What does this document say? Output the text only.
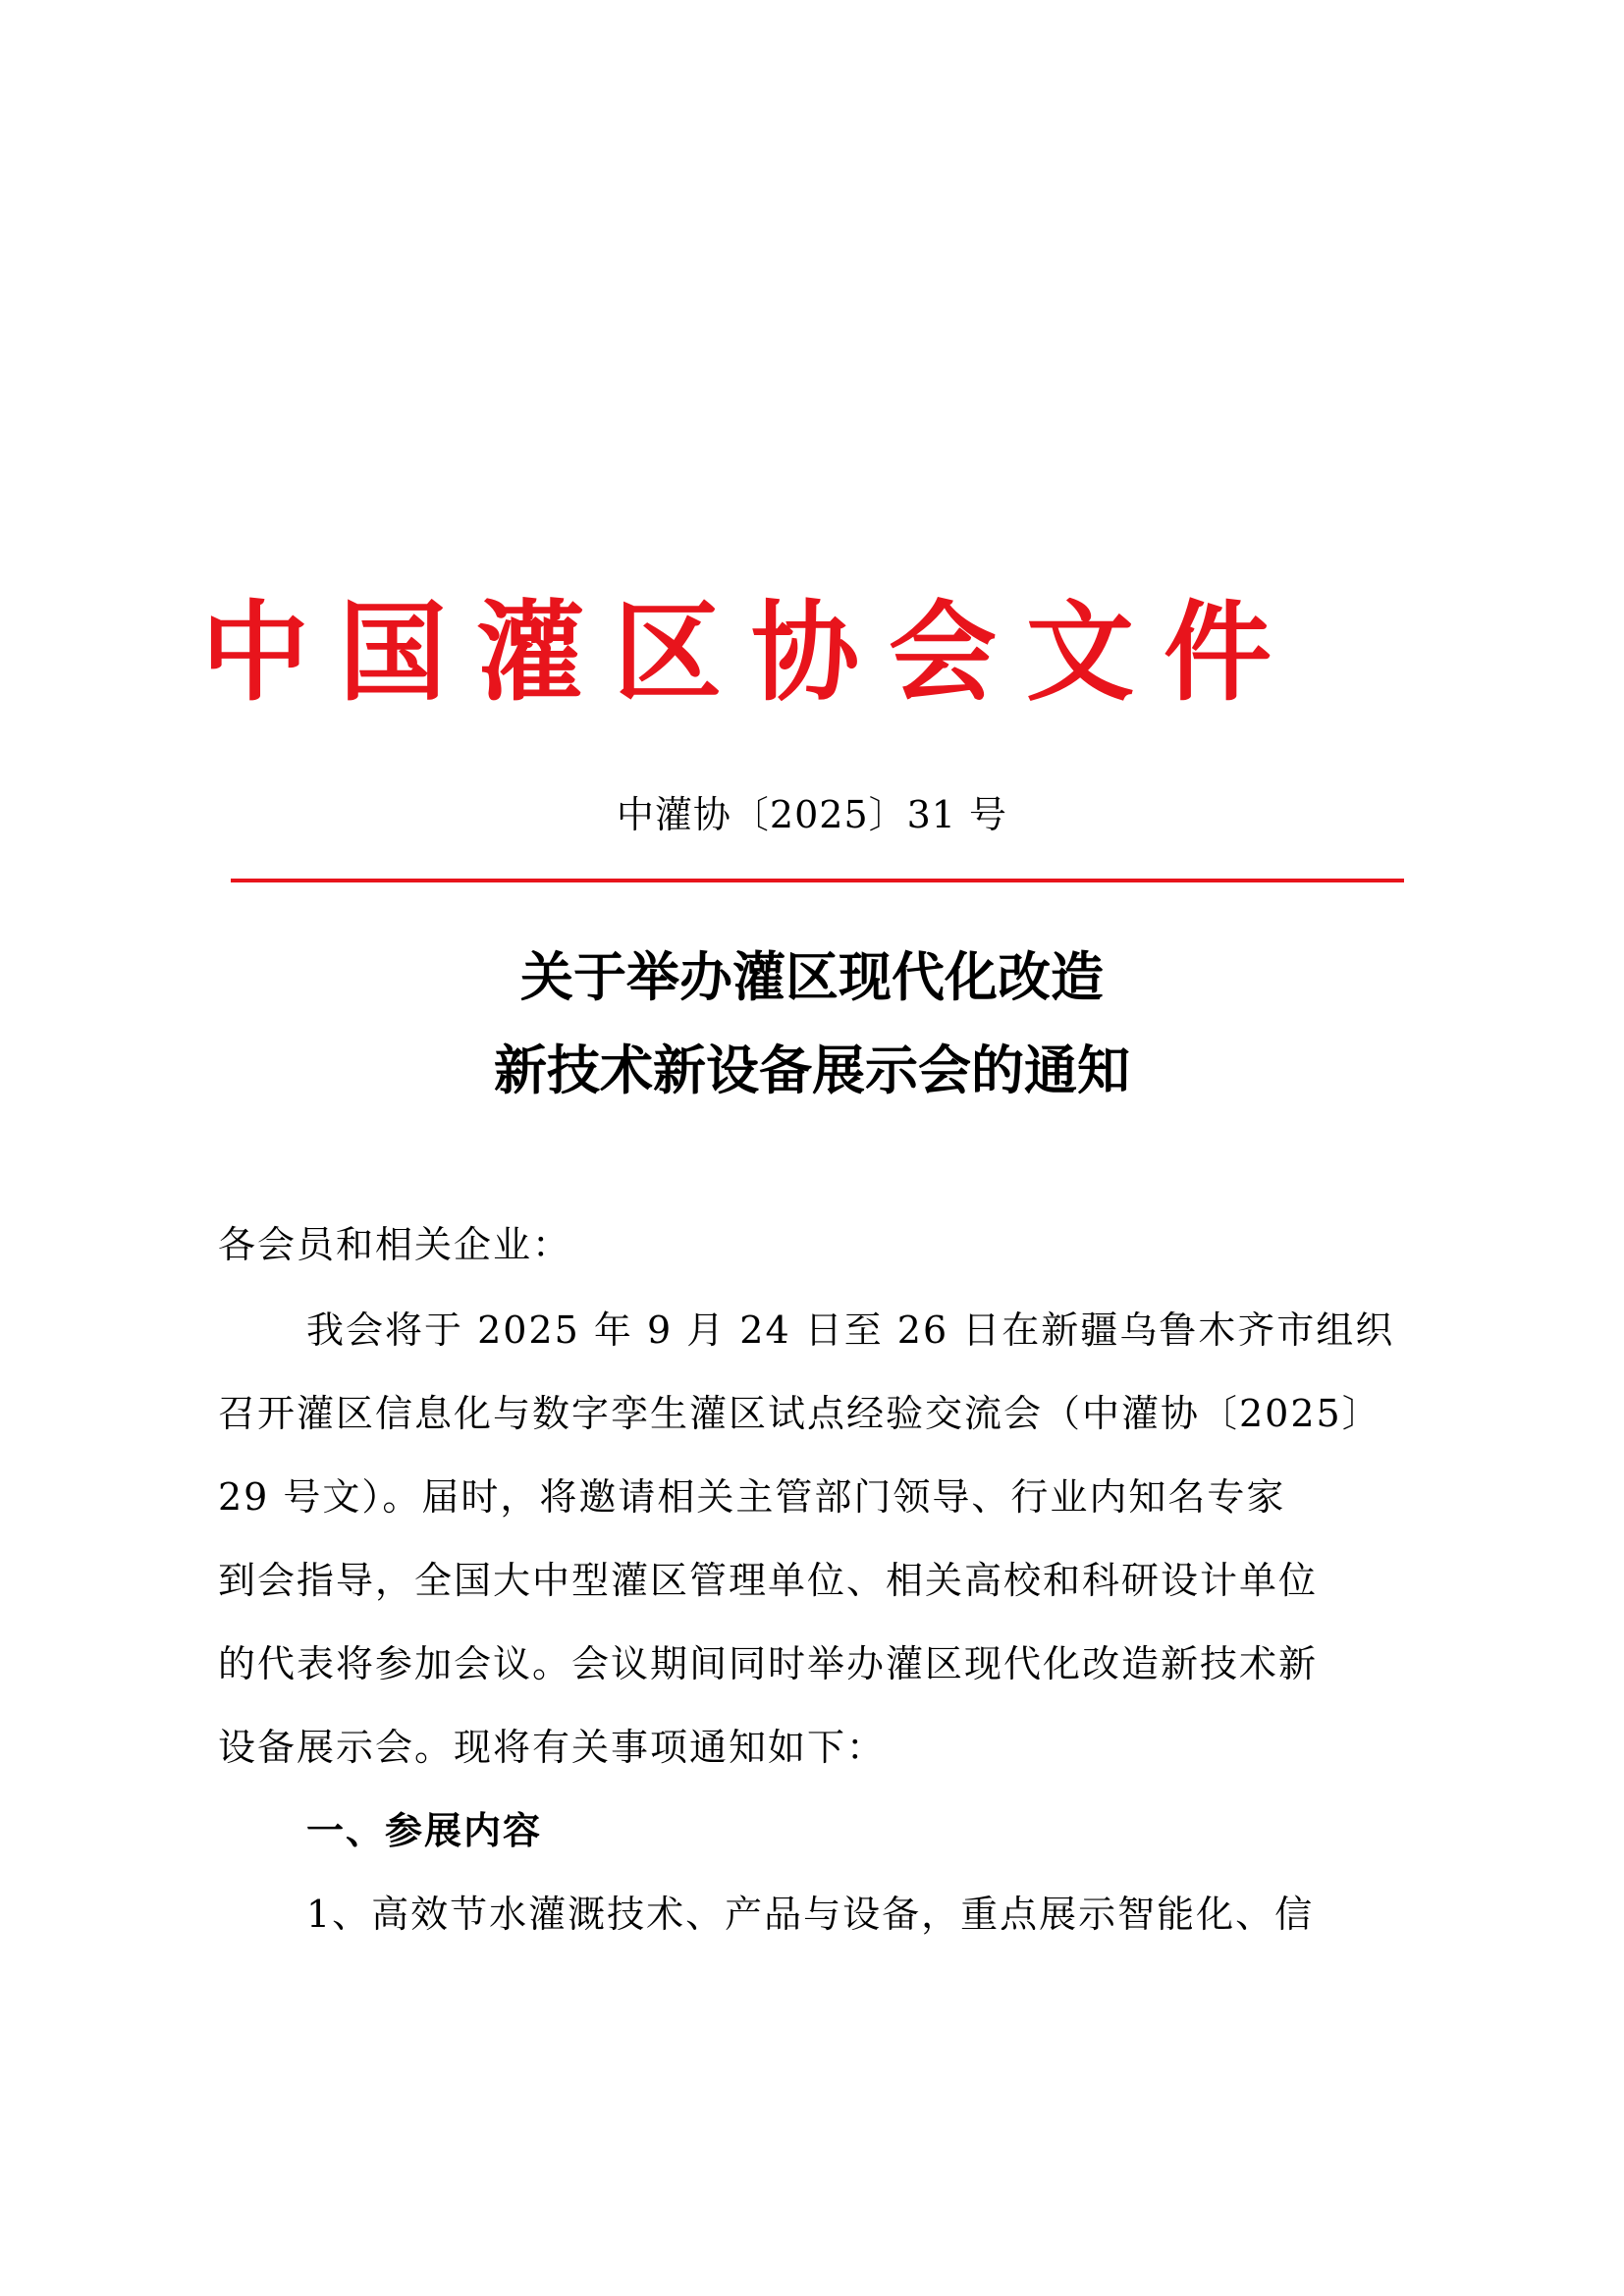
中国灌区协会文件
中灌协〔2025〕31 号
关于举办灌区现代化改造
新技术新设备展示会的通知
各会员和相关企业：
我会将于 2025 年 9 月 24 日至 26 日在新疆乌鲁木齐市组织
召开灌区信息化与数字孪生灌区试点经验交流会（中灌协〔2025〕
29 号文）。届时，将邀请相关主管部门领导、行业内知名专家
到会指导，全国大中型灌区管理单位、相关高校和科研设计单位
的代表将参加会议。会议期间同时举办灌区现代化改造新技术新
设备展示会。现将有关事项通知如下：
一、参展内容
1、高效节水灌溉技术、产品与设备，重点展示智能化、信
